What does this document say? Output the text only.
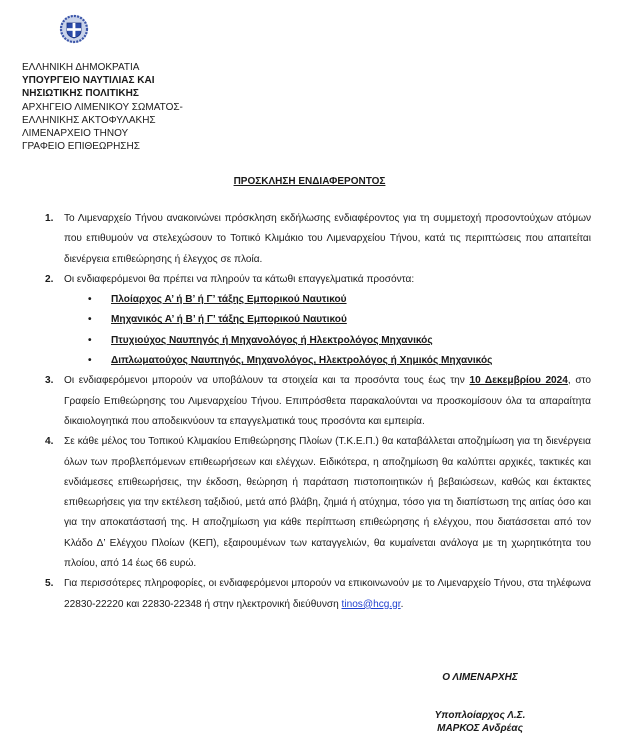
ΕΛΛΗΝΙΚΗ ΔΗΜΟΚΡΑΤΙΑ
ΥΠΟΥΡΓΕΙΟ ΝΑΥΤΙΛΙΑΣ ΚΑΙ
ΝΗΣΙΩΤΙΚΗΣ ΠΟΛΙΤΙΚΗΣ
ΑΡΧΗΓΕΙΟ ΛΙΜΕΝΙΚΟΥ ΣΩΜΑΤΟΣ-
ΕΛΛΗΝΙΚΗΣ ΑΚΤΟΦΥΛΑΚΗΣ
ΛΙΜΕΝΑΡΧΕΙΟ ΤΗΝΟΥ
ΓΡΑΦΕΙΟ ΕΠΙΘΕΩΡΗΣΗΣ
ΠΡΟΣΚΛΗΣΗ ΕΝΔΙΑΦΕΡΟΝΤΟΣ
1. Το Λιμεναρχείο Τήνου ανακοινώνει πρόσκληση εκδήλωσης ενδιαφέροντος για τη συμμετοχή προσοντούχων ατόμων που επιθυμούν να στελεχώσουν το Τοπικό Κλιμάκιο του Λιμεναρχείου Τήνου, κατά τις περιπτώσεις που απαιτείται διενέργεια επιθεώρησης ή έλεγχος σε πλοία.

2. Οι ενδιαφερόμενοι θα πρέπει να πληρούν τα κάτωθι επαγγελματικά προσόντα:

• Πλοίαρχος Α’ ή Β’ ή Γ’ τάξης Εμπορικού Ναυτικού
• Μηχανικός Α’ ή Β’ ή Γ’ τάξης Εμπορικού Ναυτικού
• Πτυχιούχος Ναυπηγός ή Μηχανολόγος ή Ηλεκτρολόγος Μηχανικός
• Διπλωματούχος Ναυπηγός, Μηχανολόγος, Ηλεκτρολόγος ή Χημικός Μηχανικός
3. Οι ενδιαφερόμενοι μπορούν να υποβάλουν τα στοιχεία και τα προσόντα τους έως την 10 Δεκεμβρίου 2024, στο Γραφείο Επιθεώρησης του Λιμεναρχείου Τήνου. Επιπρόσθετα παρακαλούνται να προσκομίσουν όλα τα απαραίτητα δικαιολογητικά που αποδεικνύουν τα επαγγελματικά τους προσόντα και εμπειρία.

4. Σε κάθε μέλος του Τοπικού Κλιμακίου Επιθεώρησης Πλοίων (Τ.Κ.Ε.Π.) θα καταβάλλεται αποζημίωση για τη διενέργεια όλων των προβλεπόμενων επιθεωρήσεων και ελέγχων. Ειδικότερα, η αποζημίωση θα καλύπτει αρχικές, τακτικές και ενδιάμεσες επιθεωρήσεις, την έκδοση, θεώρηση ή παράταση πιστοποιητικών ή βεβαιώσεων, καθώς και έκτακτες επιθεωρήσεις για την εκτέλεση ταξιδιού, μετά από βλάβη, ζημιά ή ατύχημα, τόσο για τη διαπίστωση της αιτίας όσο και για την αποκατάστασή της. Η αποζημίωση για κάθε περίπτωση επιθεώρησης ή ελέγχου, που διατάσσεται από τον Κλάδο Δ’ Ελέγχου Πλοίων (ΚΕΠ), εξαιρουμένων των καταγγελιών, θα κυμαίνεται ανάλογα με τη χωρητικότητα του πλοίου, από 14 έως 66 ευρώ.

5. Για περισσότερες πληροφορίες, οι ενδιαφερόμενοι μπορούν να επικοινωνούν με το Λιμεναρχείο Τήνου, στα τηλέφωνα 22830-22220 και 22830-22348 ή στην ηλεκτρονική διεύθυνση tinos@hcg.gr.

Ο ΛΙΜΕΝΑΡΧΗΣ
Υποπλοίαρχος Λ.Σ.
ΜΑΡΚΟΣ Ανδρέας
